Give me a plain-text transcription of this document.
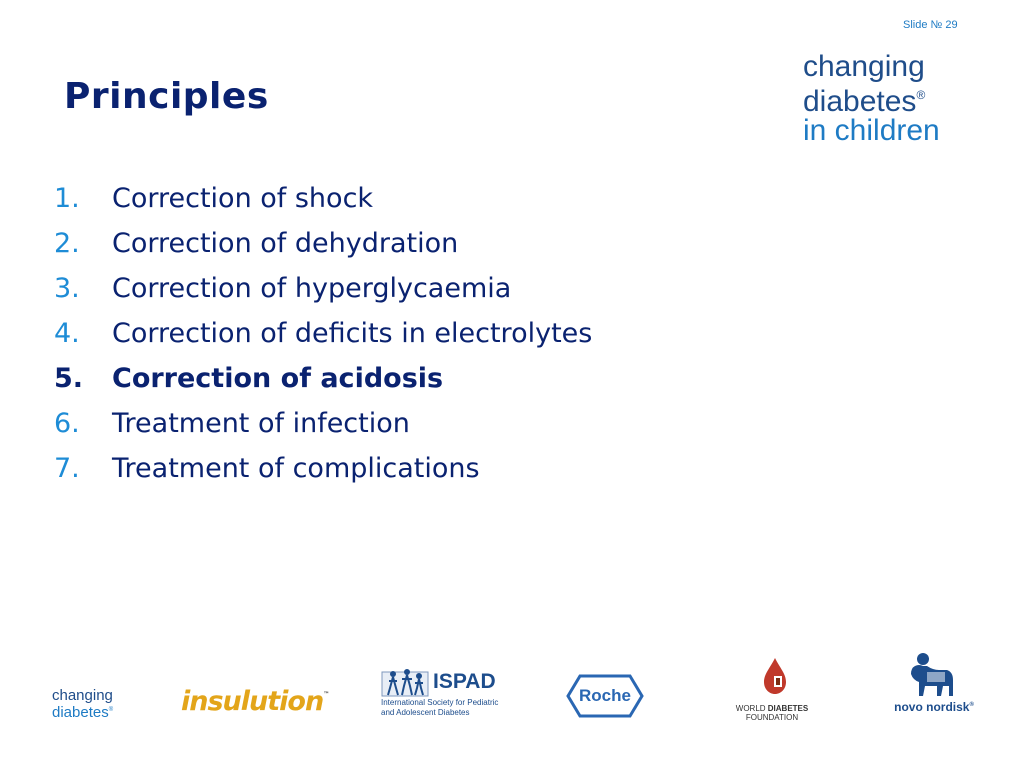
Slide № 29
Principles
changing
diabetes®
in children
1.	Correction of shock
2.	Correction of dehydration
3.	Correction of hyperglycaemia
4.	Correction of deficits in electrolytes
5.	Correction of acidosis
6.	Treatment of infection
7.	Treatment of complications
changing
diabetes®	insulution™
ISPAD
International Society for Pediatric
and Adolescent Diabetes
Roche
WORLD DIABETES FOUNDATION
novo nordisk®
